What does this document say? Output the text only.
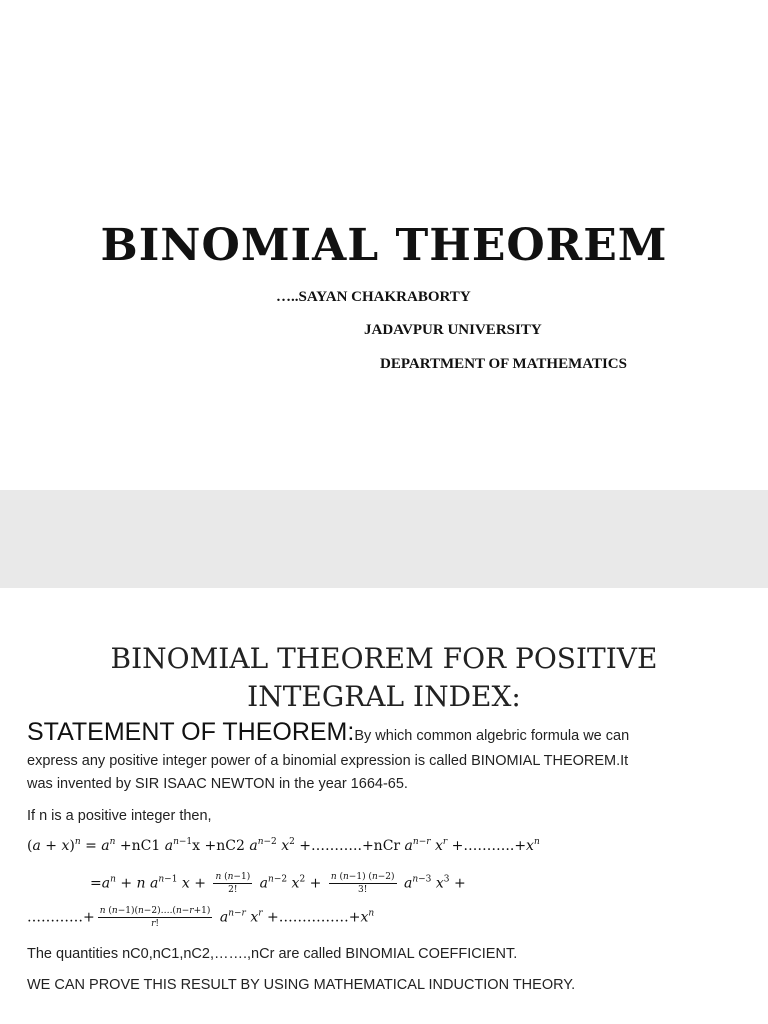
BINOMIAL THEOREM
…..SAYAN CHAKRABORTY
JADAVPUR UNIVERSITY
DEPARTMENT OF MATHEMATICS
BINOMIAL THEOREM FOR POSITIVE
INTEGRAL INDEX:
STATEMENT OF THEOREM:By which common algebric formula we can
express any positive integer power of a binomial expression is called BINOMIAL THEOREM.It
was invented by SIR ISAAC NEWTON in the year 1664-65.
If n is a positive integer then,
$(a + x)^n = a^n +nC1$ $a^{n-1}x +nC2$ $a^{n-2}$ $x^2$ +………..+nCr $a^{n-r}$ $x^r$ $+\dots\dots\dots..+x^n$
$=a^n + n$ $a^{n-1}$ $x + \frac{n (n-1)}{2!} a^{n-2}$ $x^2 + \frac{n (n-1) (n-2)}{3!} a^{n-3}$ $x^3$ +
…………+ $\frac{n (n-1)(n-2)\dots.(n-r+1)}{r!} a^{n-r}$ $x^r$ $+\dots\dots\dots\dots\dots+x^n$
The quantities nC0,nC1,nC2,…….,nCr are called BINOMIAL COEFFICIENT.
WE CAN PROVE THIS RESULT BY USING MATHEMATICAL INDUCTION THEORY.
